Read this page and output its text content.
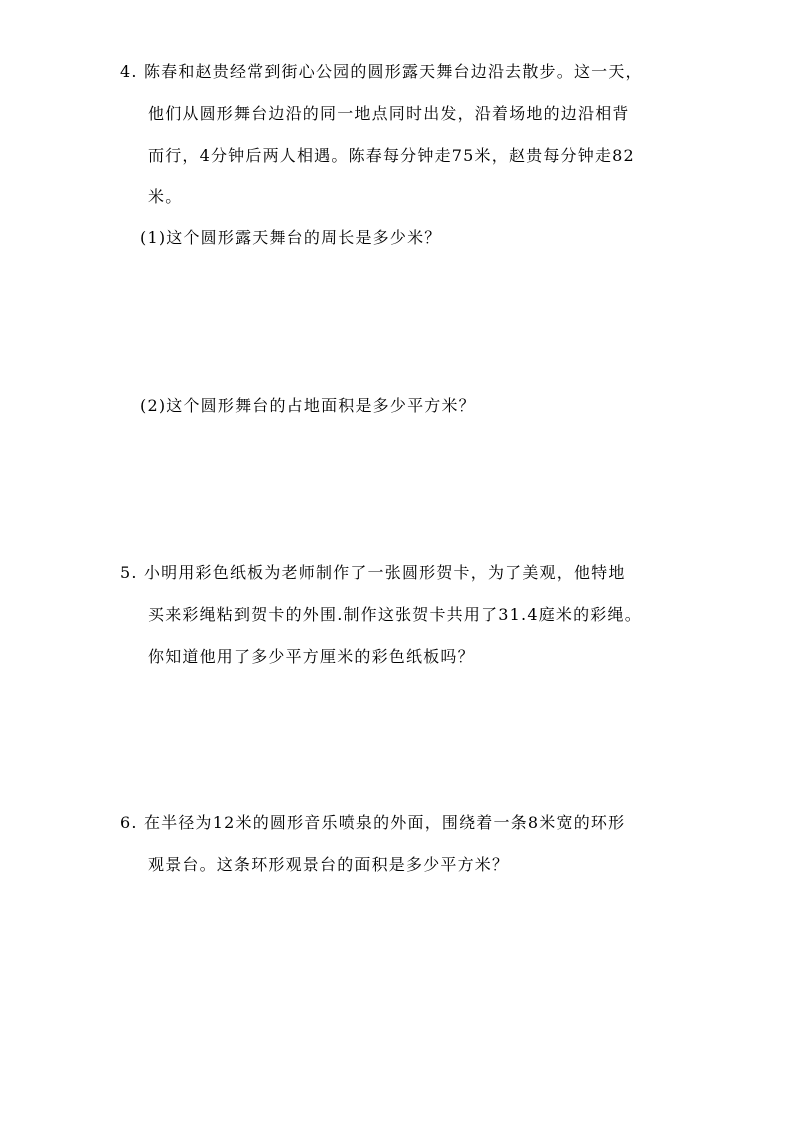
4. 陈春和赵贵经常到街心公园的圆形露天舞台边沿去散步。这一天，
他们从圆形舞台边沿的同一地点同时出发，沿着场地的边沿相背
而行，4分钟后两人相遇。陈春每分钟走75米，赵贵每分钟走82
米。
(1)这个圆形露天舞台的周长是多少米？
(2)这个圆形舞台的占地面积是多少平方米？
5. 小明用彩色纸板为老师制作了一张圆形贺卡，为了美观，他特地
买来彩绳粘到贺卡的外围.制作这张贺卡共用了31.4庭米的彩绳。
你知道他用了多少平方厘米的彩色纸板吗？
6. 在半径为12米的圆形音乐喷泉的外面，围绕着一条8米宽的环形
观景台。这条环形观景台的面积是多少平方米？
